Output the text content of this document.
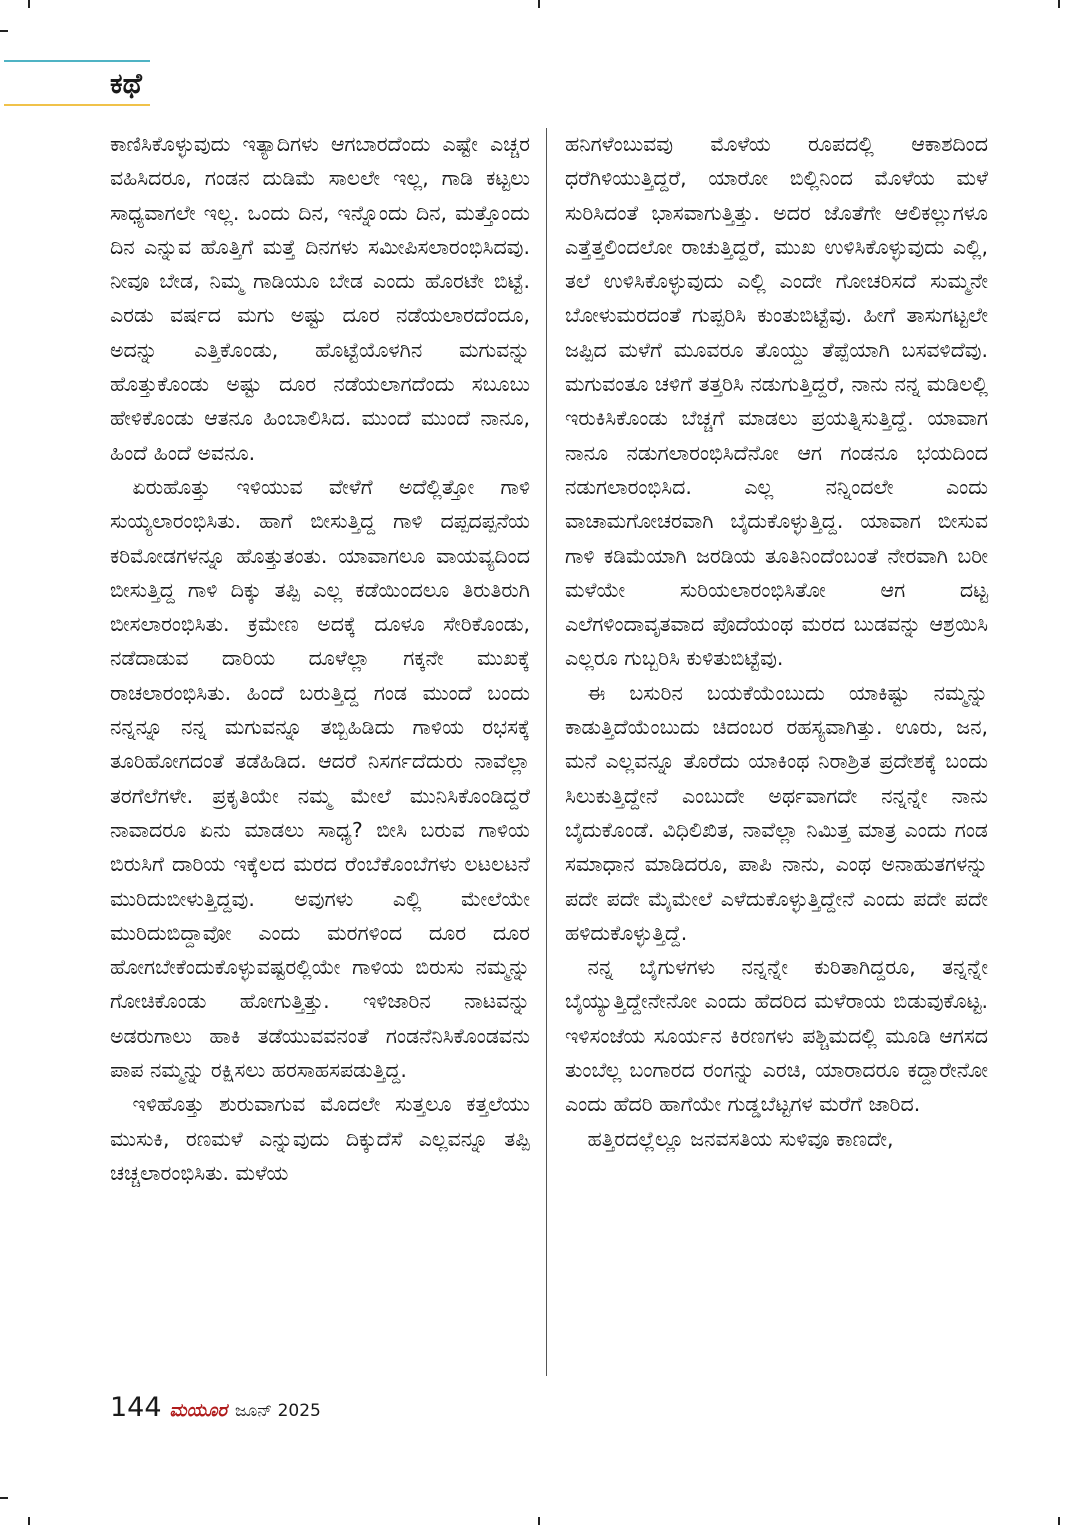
ಕಥೆ

ಕಾಣಿಸಿಕೊಳ್ಳುವುದು ಇತ್ಯಾದಿಗಳು ಆಗಬಾರದೆಂದು ಎಷ್ಟೇ ಎಚ್ಚರ ವಹಿಸಿದರೂ, ಗಂಡನ ದುಡಿಮೆ ಸಾಲಲೇ ಇಲ್ಲ, ಗಾಡಿ ಕಟ್ಟಲು ಸಾಧ್ಯವಾಗಲೇ ಇಲ್ಲ. ಒಂದು ದಿನ, ಇನ್ನೊಂದು ದಿನ, ಮತ್ತೊಂದು ದಿನ ಎನ್ನುವ ಹೊತ್ತಿಗೆ ಮತ್ತೆ ದಿನಗಳು ಸಮೀಪಿಸಲಾರಂಭಿಸಿದವು. ನೀವೂ ಬೇಡ, ನಿಮ್ಮ ಗಾಡಿಯೂ ಬೇಡ ಎಂದು ಹೊರಟೇ ಬಿಟ್ಟೆ. ಎರಡು ವರ್ಷದ ಮಗು ಅಷ್ಟು ದೂರ ನಡೆಯಲಾರದೆಂದೂ, ಅದನ್ನು ಎತ್ತಿಕೊಂಡು, ಹೊಟ್ಟೆಯೊಳಗಿನ ಮಗುವನ್ನು ಹೊತ್ತುಕೊಂಡು ಅಷ್ಟು ದೂರ ನಡೆಯಲಾಗದೆಂದು ಸಬೂಬು ಹೇಳಿಕೊಂಡು ಆತನೂ ಹಿಂಬಾಲಿಸಿದ. ಮುಂದೆ ಮುಂದೆ ನಾನೂ, ಹಿಂದೆ ಹಿಂದೆ ಅವನೂ.

ಏರುಹೊತ್ತು ಇಳಿಯುವ ವೇಳೆಗೆ ಅದೆಲ್ಲಿತ್ತೋ ಗಾಳಿ ಸುಯ್ಯಲಾರಂಭಿಸಿತು. ಹಾಗೆ ಬೀಸುತ್ತಿದ್ದ ಗಾಳಿ ದಪ್ಪದಪ್ಪನೆಯ ಕರಿಮೋಡಗಳನ್ನೂ ಹೊತ್ತುತಂತು. ಯಾವಾಗಲೂ ವಾಯವ್ಯದಿಂದ ಬೀಸುತ್ತಿದ್ದ ಗಾಳಿ ದಿಕ್ಕು ತಪ್ಪಿ ಎಲ್ಲ ಕಡೆಯಿಂದಲೂ ತಿರುತಿರುಗಿ ಬೀಸಲಾರಂಭಿಸಿತು. ಕ್ರಮೇಣ ಅದಕ್ಕೆ ದೂಳೂ ಸೇರಿಕೊಂಡು, ನಡೆದಾಡುವ ದಾರಿಯ ದೂಳೆಲ್ಲಾ ಗಕ್ಕನೇ ಮುಖಕ್ಕೆ ರಾಚಲಾರಂಭಿಸಿತು. ಹಿಂದೆ ಬರುತ್ತಿದ್ದ ಗಂಡ ಮುಂದೆ ಬಂದು ನನ್ನನ್ನೂ ನನ್ನ ಮಗುವನ್ನೂ ತಬ್ಬಿಹಿಡಿದು ಗಾಳಿಯ ರಭಸಕ್ಕೆ ತೂರಿಹೋಗದಂತೆ ತಡೆಹಿಡಿದ. ಆದರೆ ನಿಸರ್ಗದೆದುರು ನಾವೆಲ್ಲಾ ತರಗೆಲೆಗಳೇ. ಪ್ರಕೃತಿಯೇ ನಮ್ಮ ಮೇಲೆ ಮುನಿಸಿಕೊಂಡಿದ್ದರೆ ನಾವಾದರೂ ಏನು ಮಾಡಲು ಸಾಧ್ಯ? ಬೀಸಿ ಬರುವ ಗಾಳಿಯ ಬಿರುಸಿಗೆ ದಾರಿಯ ಇಕ್ಕೆಲದ ಮರದ ರೆಂಬೆಕೊಂಬೆಗಳು ಲಟಲಟನೆ ಮುರಿದುಬೀಳುತ್ತಿದ್ದವು. ಅವುಗಳು ಎಲ್ಲಿ ಮೇಲೆಯೇ ಮುರಿದುಬಿದ್ದಾವೋ ಎಂದು ಮರಗಳಿಂದ ದೂರ ದೂರ ಹೋಗಬೇಕೆಂದುಕೊಳ್ಳುವಷ್ಟರಲ್ಲಿಯೇ ಗಾಳಿಯ ಬಿರುಸು ನಮ್ಮನ್ನು ಗೋಚಿಕೊಂಡು ಹೋಗುತ್ತಿತ್ತು. ಇಳಿಜಾರಿನ ನಾಟವನ್ನು ಅಡರುಗಾಲು ಹಾಕಿ ತಡೆಯುವವನಂತೆ ಗಂಡನೆನಿಸಿಕೊಂಡವನು ಪಾಪ ನಮ್ಮನ್ನು ರಕ್ಷಿಸಲು ಹರಸಾಹಸಪಡುತ್ತಿದ್ದ.

ಇಳಿಹೊತ್ತು ಶುರುವಾಗುವ ಮೊದಲೇ ಸುತ್ತಲೂ ಕತ್ತಲೆಯು ಮುಸುಕಿ, ರಣಮಳೆ ಎನ್ನುವುದು ದಿಕ್ಕುದೆಸೆ ಎಲ್ಲವನ್ನೂ ತಪ್ಪಿ ಚಚ್ಚಲಾರಂಭಿಸಿತು. ಮಳೆಯ

ಹನಿಗಳೆಂಬುವವು ಮೊಳೆಯ ರೂಪದಲ್ಲಿ ಆಕಾಶದಿಂದ ಧರೆಗಿಳಿಯುತ್ತಿದ್ದರೆ, ಯಾರೋ ಬಿಲ್ಲಿನಿಂದ ಮೊಳೆಯ ಮಳೆ ಸುರಿಸಿದಂತೆ ಭಾಸವಾಗುತ್ತಿತ್ತು. ಅದರ ಜೊತೆಗೇ ಆಲಿಕಲ್ಲುಗಳೂ ಎತ್ತೆತ್ತಲಿಂದಲೋ ರಾಚುತ್ತಿದ್ದರೆ, ಮುಖ ಉಳಿಸಿಕೊಳ್ಳುವುದು ಎಲ್ಲಿ, ತಲೆ ಉಳಿಸಿಕೊಳ್ಳುವುದು ಎಲ್ಲಿ ಎಂದೇ ಗೋಚರಿಸದೆ ಸುಮ್ಮನೇ ಬೋಳುಮರದಂತೆ ಗುಪ್ಪರಿಸಿ ಕುಂತುಬಿಟ್ಟೆವು. ಹೀಗೆ ತಾಸುಗಟ್ಟಲೇ ಜಪ್ಪಿದ ಮಳೆಗೆ ಮೂವರೂ ತೊಯ್ದು ತೆಪ್ಪೆಯಾಗಿ ಬಸವಳಿದೆವು. ಮಗುವಂತೂ ಚಳಿಗೆ ತತ್ತರಿಸಿ ನಡುಗುತ್ತಿದ್ದರೆ, ನಾನು ನನ್ನ ಮಡಿಲಲ್ಲಿ ಇರುಕಿಸಿಕೊಂಡು ಬೆಚ್ಚಗೆ ಮಾಡಲು ಪ್ರಯತ್ನಿಸುತ್ತಿದ್ದೆ. ಯಾವಾಗ ನಾನೂ ನಡುಗಲಾರಂಭಿಸಿದೆನೋ ಆಗ ಗಂಡನೂ ಭಯದಿಂದ ನಡುಗಲಾರಂಭಿಸಿದ. ಎಲ್ಲ ನನ್ನಿಂದಲೇ ಎಂದು ವಾಚಾಮಗೋಚರವಾಗಿ ಬೈದುಕೊಳ್ಳುತ್ತಿದ್ದ. ಯಾವಾಗ ಬೀಸುವ ಗಾಳಿ ಕಡಿಮೆಯಾಗಿ ಜರಡಿಯ ತೂತಿನಿಂದೆಂಬಂತೆ ನೇರವಾಗಿ ಬರೀ ಮಳೆಯೇ ಸುರಿಯಲಾರಂಭಿಸಿತೋ ಆಗ ದಟ್ಟ ಎಲೆಗಳಿಂದಾವೃತವಾದ ಪೊದೆಯಂಥ ಮರದ ಬುಡವನ್ನು ಆಶ್ರಯಿಸಿ ಎಲ್ಲರೂ ಗುಬ್ಬರಿಸಿ ಕುಳಿತುಬಿಟ್ಟೆವು.

ಈ ಬಸುರಿನ ಬಯಕೆಯೆಂಬುದು ಯಾಕಿಷ್ಟು ನಮ್ಮನ್ನು ಕಾಡುತ್ತಿದೆಯೆಂಬುದು ಚಿದಂಬರ ರಹಸ್ಯವಾಗಿತ್ತು. ಊರು, ಜನ, ಮನೆ ಎಲ್ಲವನ್ನೂ ತೊರೆದು ಯಾಕಿಂಥ ನಿರಾಶ್ರಿತ ಪ್ರದೇಶಕ್ಕೆ ಬಂದು ಸಿಲುಕುತ್ತಿದ್ದೇನೆ ಎಂಬುದೇ ಅರ್ಥವಾಗದೇ ನನ್ನನ್ನೇ ನಾನು ಬೈದುಕೊಂಡೆ. ವಿಧಿಲಿಖಿತ, ನಾವೆಲ್ಲಾ ನಿಮಿತ್ತ ಮಾತ್ರ ಎಂದು ಗಂಡ ಸಮಾಧಾನ ಮಾಡಿದರೂ, ಪಾಪಿ ನಾನು, ಎಂಥ ಅನಾಹುತಗಳನ್ನು ಪದೇ ಪದೇ ಮೈಮೇಲೆ ಎಳೆದುಕೊಳ್ಳುತ್ತಿದ್ದೇನೆ ಎಂದು ಪದೇ ಪದೇ ಹಳಿದುಕೊಳ್ಳುತ್ತಿದ್ದೆ.

ನನ್ನ ಬೈಗುಳಗಳು ನನ್ನನ್ನೇ ಕುರಿತಾಗಿದ್ದರೂ, ತನ್ನನ್ನೇ ಬೈಯ್ಯುತ್ತಿದ್ದೇನೇನೋ ಎಂದು ಹೆದರಿದ ಮಳೆರಾಯ ಬಿಡುವುಕೊಟ್ಟ. ಇಳಿಸಂಜೆಯ ಸೂರ್ಯನ ಕಿರಣಗಳು ಪಶ್ಚಿಮದಲ್ಲಿ ಮೂಡಿ ಆಗಸದ ತುಂಬೆಲ್ಲ ಬಂಗಾರದ ರಂಗನ್ನು ಎರಚಿ, ಯಾರಾದರೂ ಕದ್ದಾರೇನೋ ಎಂದು ಹೆದರಿ ಹಾಗೆಯೇ ಗುಡ್ಡಬೆಟ್ಟಗಳ ಮರೆಗೆ ಜಾರಿದ.

ಹತ್ತಿರದಲ್ಲೆಲ್ಲೂ ಜನವಸತಿಯ ಸುಳಿವೂ ಕಾಣದೇ,

144 ಮಯೂರ ಜೂನ್ 2025
